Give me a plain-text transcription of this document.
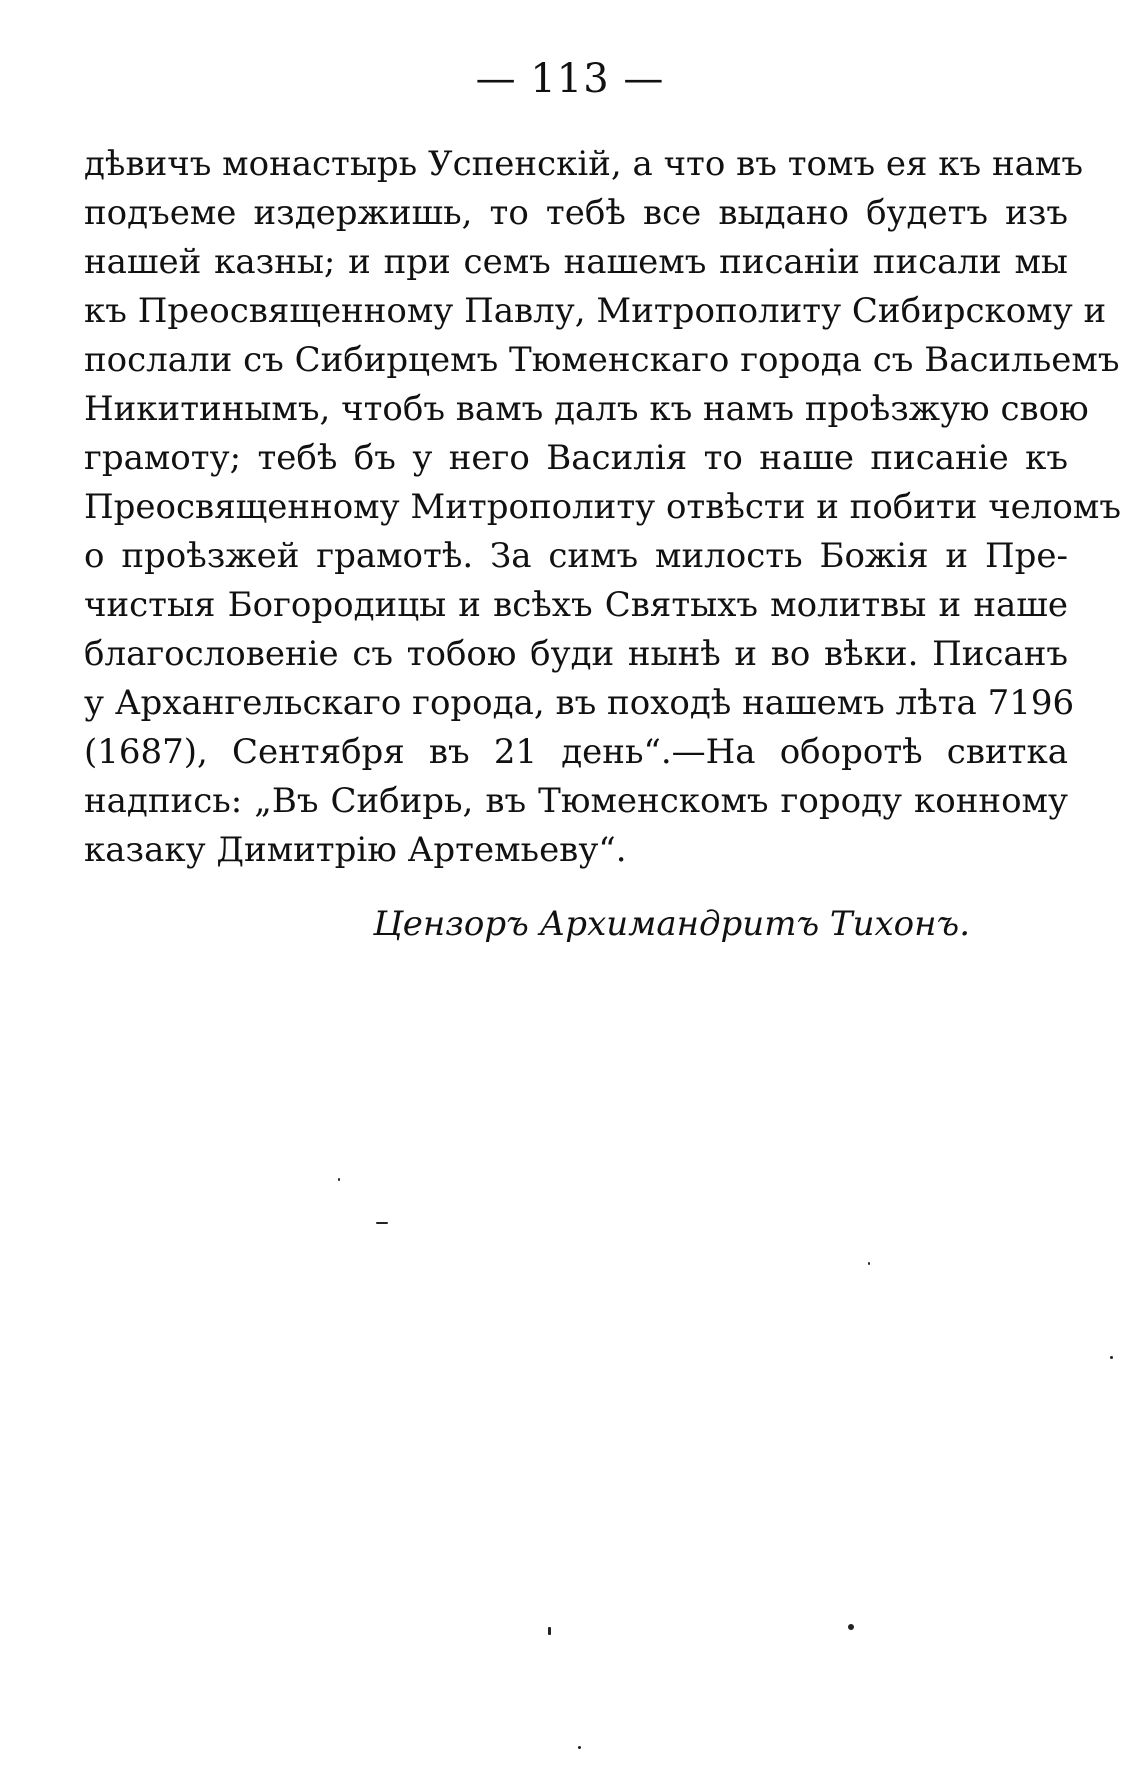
— 113 —
дѣвичъ монастырь Успенскій, а что въ томъ ея къ намъ
подъеме издержишь, то тебѣ все выдано будетъ изъ
нашей казны; и при семъ нашемъ писаніи писали мы
къ Преосвященному Павлу, Митрополиту Сибирскому и
послали съ Сибирцемъ Тюменскаго города съ Васильемъ
Никитинымъ, чтобъ вамъ далъ къ намъ проѣзжую свою
грамоту; тебѣ бъ у него Василія то наше писаніе къ
Преосвященному Митрополиту отвѣсти и побити челомъ
о проѣзжей грамотѣ. За симъ милость Божія и Пре-
чистыя Богородицы и всѣхъ Святыхъ молитвы и наше
благословеніе съ тобою буди нынѣ и во вѣки. Писанъ
у Архангельскаго города, въ походѣ нашемъ лѣта 7196
(1687), Сентября въ 21 день“.—На оборотѣ свитка
надпись: „Въ Сибирь, въ Тюменскомъ городу конному
казаку Димитрію Артемьеву“.
Цензоръ Архимандритъ Тихонъ.
